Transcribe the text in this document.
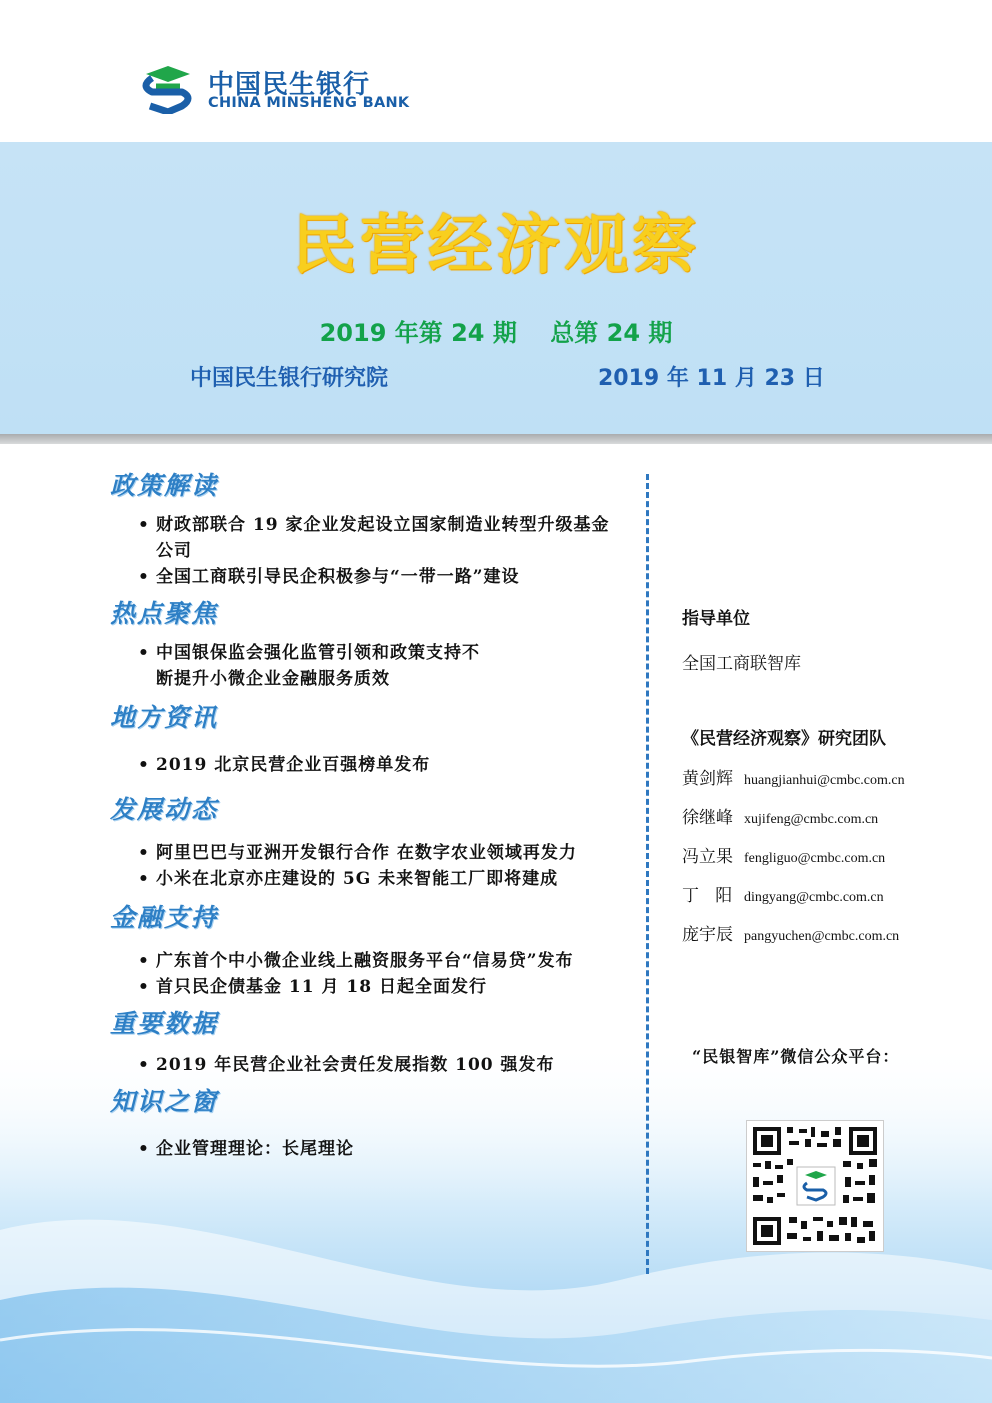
中国民生银行
CHINA MINSHENG BANK
民营经济观察
2019 年第 24 期    总第 24 期
中国民生银行研究院	2019 年 11 月 23 日
政策解读
• 财政部联合 19 家企业发起设立国家制造业转型升级基金公司
• 全国工商联引导民企积极参与“一带一路”建设
热点聚焦
• 中国银保监会强化监管引领和政策支持不断提升小微企业金融服务质效
地方资讯
• 2019 北京民营企业百强榜单发布
发展动态
• 阿里巴巴与亚洲开发银行合作 在数字农业领域再发力
• 小米在北京亦庄建设的 5G 未来智能工厂即将建成
金融支持
• 广东首个中小微企业线上融资服务平台“信易贷”发布
• 首只民企债基金 11 月 18 日起全面发行
重要数据
• 2019 年民营企业社会责任发展指数 100 强发布
知识之窗
• 企业管理理论：长尾理论
指导单位
全国工商联智库
《民营经济观察》研究团队
黄剑辉 huangjianhui@cmbc.com.cn
徐继峰 xujifeng@cmbc.com.cn
冯立果 fengliguo@cmbc.com.cn
丁   阳 dingyang@cmbc.com.cn
庞宇辰 pangyuchen@cmbc.com.cn
“民银智库”微信公众平台：
